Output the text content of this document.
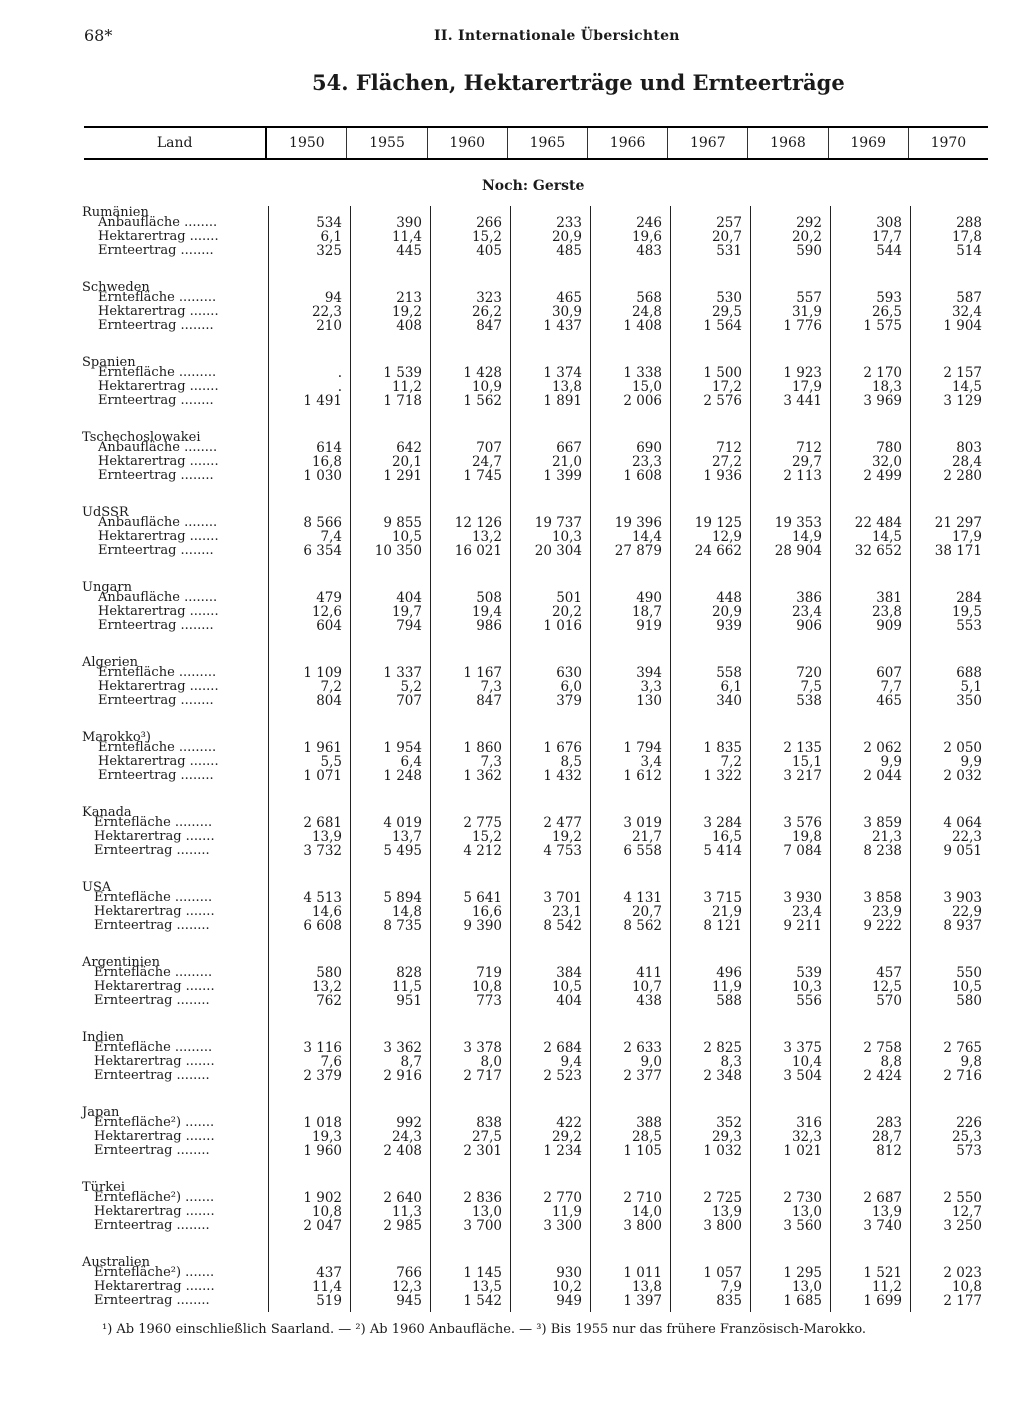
68*	II. Internationale Übersichten
54. Flächen, Hektarerträge und Ernteerträge
Land	1950	1955	1960	1965	1966	1967	1968	1969	1970
Noch: Gerste
Rumänien
Anbaufläche ........	534	390	266	233	246	257	292	308	288
Hektarertrag .......	6,1	11,4	15,2	20,9	19,6	20,7	20,2	17,7	17,8
Ernteertrag ........	325	445	405	485	483	531	590	544	514
Schweden
Erntefläche .........	94	213	323	465	568	530	557	593	587
Hektarertrag .......	22,3	19,2	26,2	30,9	24,8	29,5	31,9	26,5	32,4
Ernteertrag ........	210	408	847	1 437	1 408	1 564	1 776	1 575	1 904
Spanien
Erntefläche .........	.	1 539	1 428	1 374	1 338	1 500	1 923	2 170	2 157
Hektarertrag .......	.	11,2	10,9	13,8	15,0	17,2	17,9	18,3	14,5
Ernteertrag ........	1 491	1 718	1 562	1 891	2 006	2 576	3 441	3 969	3 129
Tschechoslowakei
Anbaufläche ........	614	642	707	667	690	712	712	780	803
Hektarertrag .......	16,8	20,1	24,7	21,0	23,3	27,2	29,7	32,0	28,4
Ernteertrag ........	1 030	1 291	1 745	1 399	1 608	1 936	2 113	2 499	2 280
UdSSR
Anbaufläche ........	8 566	9 855	12 126	19 737	19 396	19 125	19 353	22 484	21 297
Hektarertrag .......	7,4	10,5	13,2	10,3	14,4	12,9	14,9	14,5	17,9
Ernteertrag ........	6 354	10 350	16 021	20 304	27 879	24 662	28 904	32 652	38 171
Ungarn
Anbaufläche ........	479	404	508	501	490	448	386	381	284
Hektarertrag .......	12,6	19,7	19,4	20,2	18,7	20,9	23,4	23,8	19,5
Ernteertrag ........	604	794	986	1 016	919	939	906	909	553
Algerien
Erntefläche .........	1 109	1 337	1 167	630	394	558	720	607	688
Hektarertrag .......	7,2	5,2	7,3	6,0	3,3	6,1	7,5	7,7	5,1
Ernteertrag ........	804	707	847	379	130	340	538	465	350
Marokko³)
Erntefläche .........	1 961	1 954	1 860	1 676	1 794	1 835	2 135	2 062	2 050
Hektarertrag .......	5,5	6,4	7,3	8,5	3,4	7,2	15,1	9,9	9,9
Ernteertrag ........	1 071	1 248	1 362	1 432	1 612	1 322	3 217	2 044	2 032
Kanada
Erntefläche .........	2 681	4 019	2 775	2 477	3 019	3 284	3 576	3 859	4 064
Hektarertrag .......	13,9	13,7	15,2	19,2	21,7	16,5	19,8	21,3	22,3
Ernteertrag ........	3 732	5 495	4 212	4 753	6 558	5 414	7 084	8 238	9 051
USA
Erntefläche .........	4 513	5 894	5 641	3 701	4 131	3 715	3 930	3 858	3 903
Hektarertrag .......	14,6	14,8	16,6	23,1	20,7	21,9	23,4	23,9	22,9
Ernteertrag ........	6 608	8 735	9 390	8 542	8 562	8 121	9 211	9 222	8 937
Argentinien
Erntefläche .........	580	828	719	384	411	496	539	457	550
Hektarertrag .......	13,2	11,5	10,8	10,5	10,7	11,9	10,3	12,5	10,5
Ernteertrag ........	762	951	773	404	438	588	556	570	580
Indien
Erntefläche .........	3 116	3 362	3 378	2 684	2 633	2 825	3 375	2 758	2 765
Hektarertrag .......	7,6	8,7	8,0	9,4	9,0	8,3	10,4	8,8	9,8
Ernteertrag ........	2 379	2 916	2 717	2 523	2 377	2 348	3 504	2 424	2 716
Japan
Erntefläche²) .......	1 018	992	838	422	388	352	316	283	226
Hektarertrag .......	19,3	24,3	27,5	29,2	28,5	29,3	32,3	28,7	25,3
Ernteertrag ........	1 960	2 408	2 301	1 234	1 105	1 032	1 021	812	573
Türkei
Erntefläche²) .......	1 902	2 640	2 836	2 770	2 710	2 725	2 730	2 687	2 550
Hektarertrag .......	10,8	11,3	13,0	11,9	14,0	13,9	13,0	13,9	12,7
Ernteertrag ........	2 047	2 985	3 700	3 300	3 800	3 800	3 560	3 740	3 250
Australien
Erntefläche²) .......	437	766	1 145	930	1 011	1 057	1 295	1 521	2 023
Hektarertrag .......	11,4	12,3	13,5	10,2	13,8	7,9	13,0	11,2	10,8
Ernteertrag ........	519	945	1 542	949	1 397	835	1 685	1 699	2 177
¹) Ab 1960 einschließlich Saarland. — ²) Ab 1960 Anbaufläche. — ³) Bis 1955 nur das frühere Französisch-Marokko.
